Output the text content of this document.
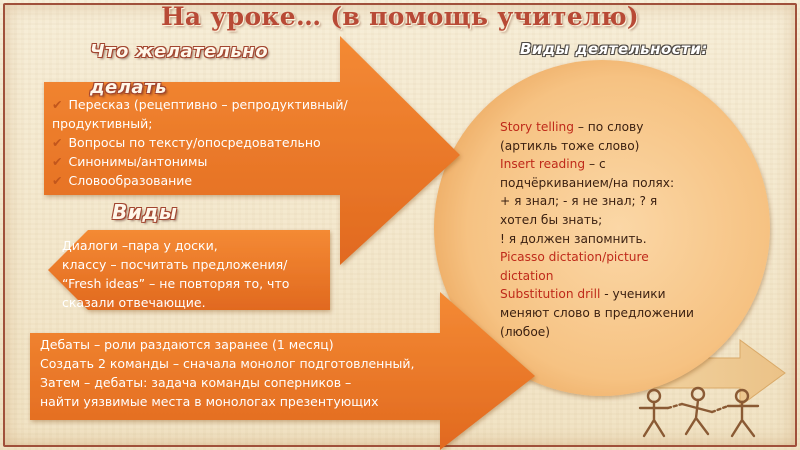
На уроке… (в помощь учителю)
Что желательно делать
Виды
Виды деятельности:
✔ Пересказ (рецептивно – репродуктивный/
продуктивный;
✔ Вопросы по тексту/опосредовательно
✔ Синонимы/антонимы
✔ Словообразование
Диалоги –пара у доски,
классу – посчитать предложения/
“Fresh ideas” – не повторяя то, что
сказали отвечающие.
Дебаты – роли раздаются заранее (1 месяц)
Создать 2 команды – сначала монолог подготовленный,
Затем – дебаты: задача команды соперников –
найти уязвимые места в монологах презентующих
Story telling – по слову
(артикль тоже слово)
Insert reading – с
подчёркиванием/на полях:
+ я знал; - я не знал; ? я
хотел бы знать;
! я должен запомнить.
Picasso dictation/picture
dictation
Substitution drill - ученики
меняют слово в предложении
(любое)
